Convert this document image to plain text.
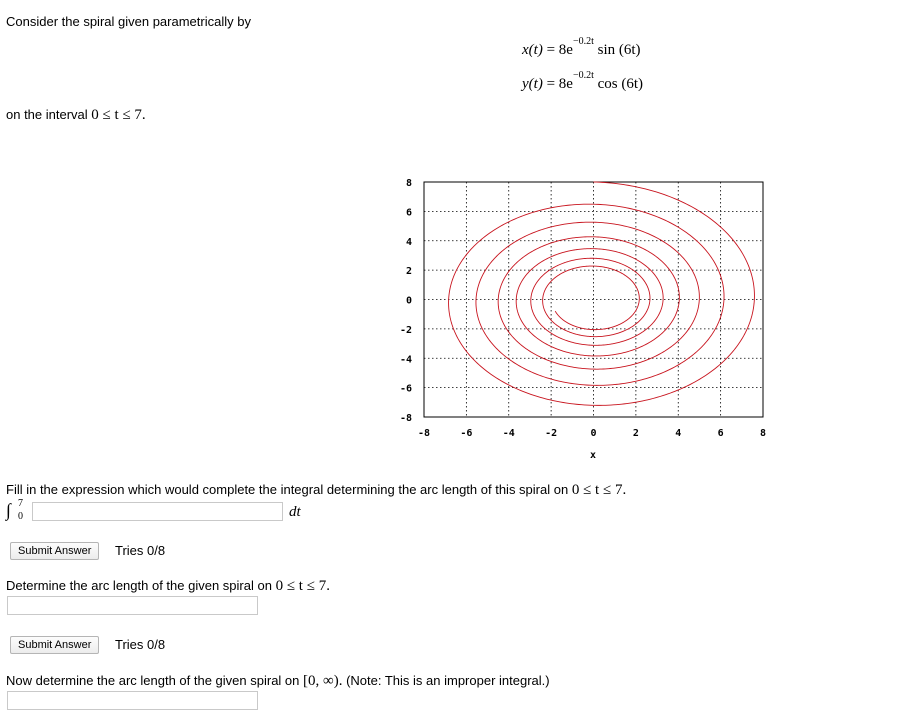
Consider the spiral given parametrically by
$x(t) = 8e^{-0.2t}$ sin (6t)
$y(t) = 8e^{-0.2t}$ cos (6t)
on the interval 0 ≤ t ≤ 7.
-8	-6	-4	-2	0	2	4	6	8
8
6
4
2
0
-2
-4
-6
-8
x
Fill in the expression which would complete the integral determining the arc length of this spiral on 0 ≤ t ≤ 7.
∫ 7
0	dt
Submit Answer	Tries 0/8
Determine the arc length of the given spiral on 0 ≤ t ≤ 7.
Submit Answer	Tries 0/8
Now determine the arc length of the given spiral on [0, ∞). (Note: This is an improper integral.)
